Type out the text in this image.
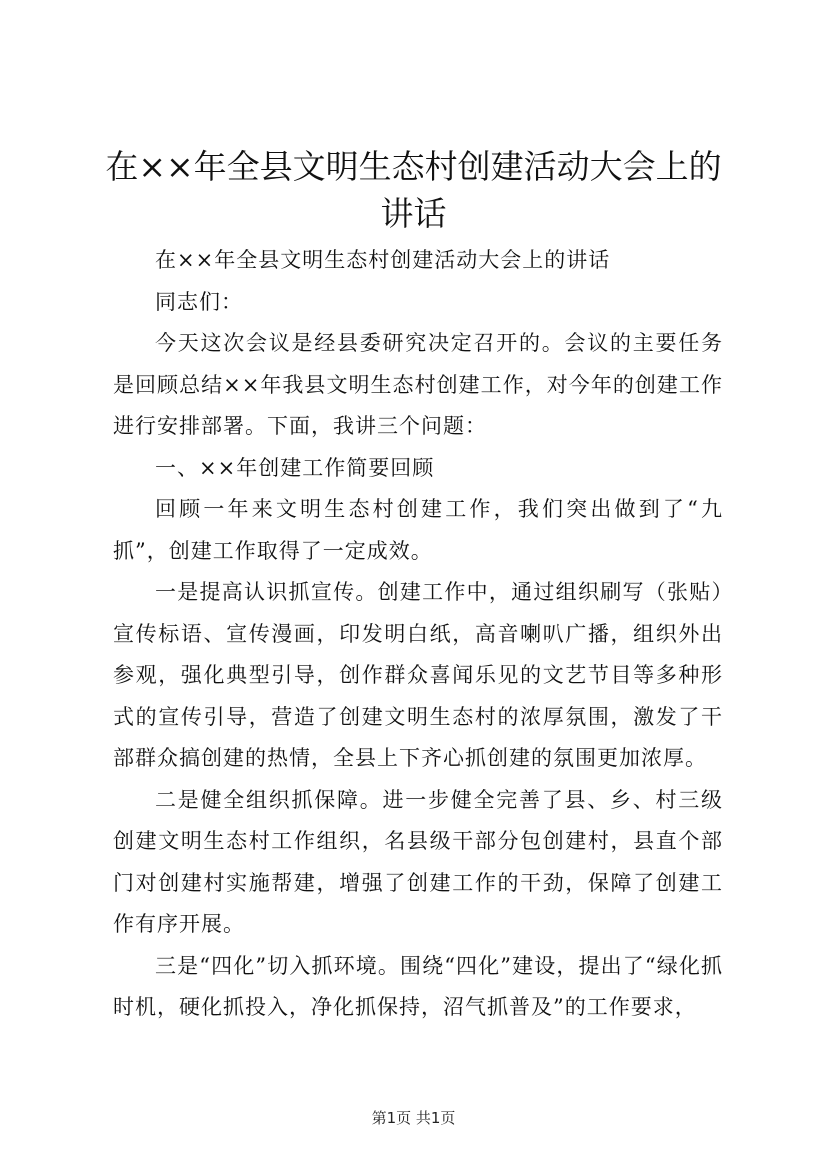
在××年全县文明生态村创建活动大会上的讲话

在××年全县文明生态村创建活动大会上的讲话

同志们：

今天这次会议是经县委研究决定召开的。会议的主要任务是回顾总结××年我县文明生态村创建工作，对今年的创建工作进行安排部署。下面，我讲三个问题：

一、××年创建工作简要回顾

回顾一年来文明生态村创建工作，我们突出做到了“九抓”，创建工作取得了一定成效。

一是提高认识抓宣传。创建工作中，通过组织刷写（张贴）宣传标语、宣传漫画，印发明白纸，高音喇叭广播，组织外出参观，强化典型引导，创作群众喜闻乐见的文艺节目等多种形式的宣传引导，营造了创建文明生态村的浓厚氛围，激发了干部群众搞创建的热情，全县上下齐心抓创建的氛围更加浓厚。

二是健全组织抓保障。进一步健全完善了县、乡、村三级创建文明生态村工作组织，名县级干部分包创建村，县直个部门对创建村实施帮建，增强了创建工作的干劲，保障了创建工作有序开展。

三是“四化”切入抓环境。围绕“四化”建设，提出了“绿化抓时机，硬化抓投入，净化抓保持，沼气抓普及”的工作要求，

第1页 共1页
